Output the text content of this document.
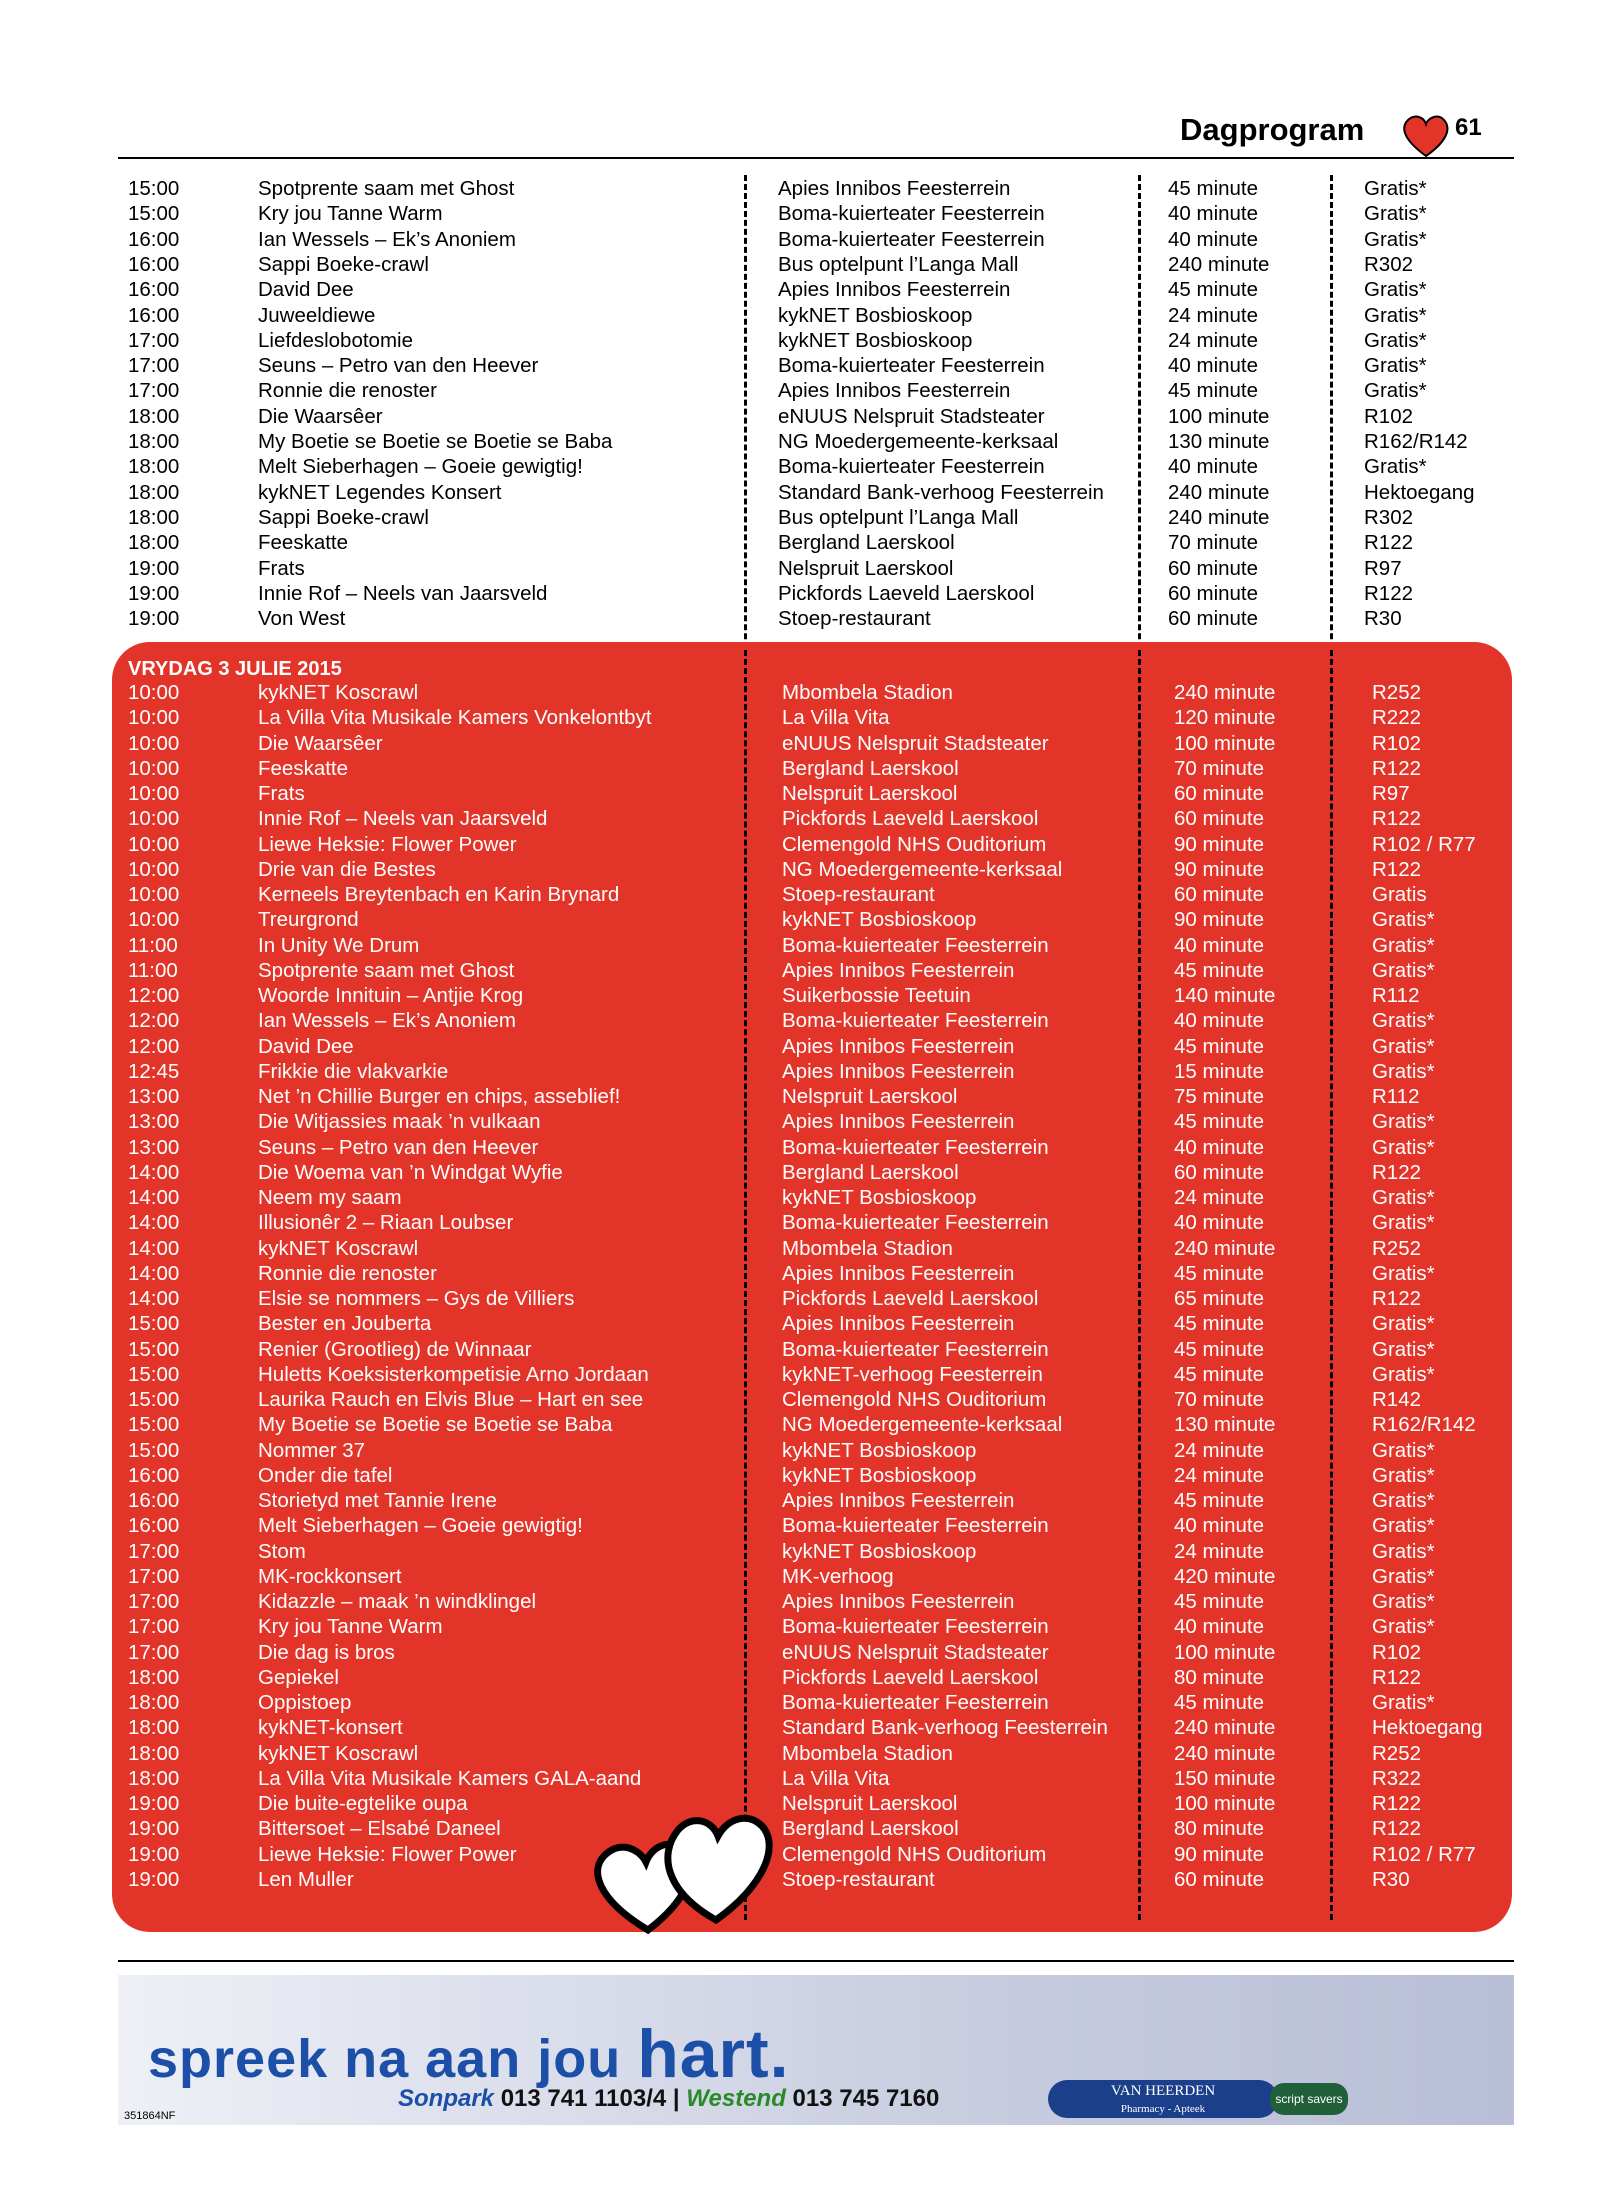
Dagprogram	61
15:00	Spotprente saam met Ghost	Apies Innibos Feesterrein	45 minute	Gratis*
15:00	Kry jou Tanne Warm	Boma-kuierteater Feesterrein	40 minute	Gratis*
16:00	Ian Wessels – Ek’s Anoniem	Boma-kuierteater Feesterrein	40 minute	Gratis*
16:00	Sappi Boeke-crawl	Bus optelpunt l’Langa Mall	240 minute	R302
16:00	David Dee	Apies Innibos Feesterrein	45 minute	Gratis*
16:00	Juweeldiewe	kykNET Bosbioskoop	24 minute	Gratis*
17:00	Liefdeslobotomie	kykNET Bosbioskoop	24 minute	Gratis*
17:00	Seuns – Petro van den Heever	Boma-kuierteater Feesterrein	40 minute	Gratis*
17:00	Ronnie die renoster	Apies Innibos Feesterrein	45 minute	Gratis*
18:00	Die Waarsêer	eNUUS Nelspruit Stadsteater	100 minute	R102
18:00	My Boetie se Boetie se Boetie se Baba	NG Moedergemeente-kerksaal	130 minute	R162/R142
18:00	Melt Sieberhagen – Goeie gewigtig!	Boma-kuierteater Feesterrein	40 minute	Gratis*
18:00	kykNET Legendes Konsert	Standard Bank-verhoog Feesterrein	240 minute	Hektoegang
18:00	Sappi Boeke-crawl	Bus optelpunt l’Langa Mall	240 minute	R302
18:00	Feeskatte	Bergland Laerskool	70 minute	R122
19:00	Frats	Nelspruit Laerskool	60 minute	R97
19:00	Innie Rof – Neels van Jaarsveld	Pickfords Laeveld Laerskool	60 minute	R122
19:00	Von West	Stoep-restaurant	60 minute	R30
VRYDAG 3 JULIE 2015
10:00	kykNET Koscrawl	Mbombela Stadion	240 minute	R252
10:00	La Villa Vita Musikale Kamers Vonkelontbyt	La Villa Vita	120 minute	R222
10:00	Die Waarsêer	eNUUS Nelspruit Stadsteater	100 minute	R102
10:00	Feeskatte	Bergland Laerskool	70 minute	R122
10:00	Frats	Nelspruit Laerskool	60 minute	R97
10:00	Innie Rof – Neels van Jaarsveld	Pickfords Laeveld Laerskool	60 minute	R122
10:00	Liewe Heksie: Flower Power	Clemengold NHS Ouditorium	90 minute	R102 / R77
10:00	Drie van die Bestes	NG Moedergemeente-kerksaal	90 minute	R122
10:00	Kerneels Breytenbach en Karin Brynard	Stoep-restaurant	60 minute	Gratis
10:00	Treurgrond	kykNET Bosbioskoop	90 minute	Gratis*
11:00	In Unity We Drum	Boma-kuierteater Feesterrein	40 minute	Gratis*
11:00	Spotprente saam met Ghost	Apies Innibos Feesterrein	45 minute	Gratis*
12:00	Woorde Innituin – Antjie Krog	Suikerbossie Teetuin	140 minute	R112
12:00	Ian Wessels – Ek’s Anoniem	Boma-kuierteater Feesterrein	40 minute	Gratis*
12:00	David Dee	Apies Innibos Feesterrein	45 minute	Gratis*
12:45	Frikkie die vlakvarkie	Apies Innibos Feesterrein	15 minute	Gratis*
13:00	Net ’n Chillie Burger en chips, asseblief!	Nelspruit Laerskool	75 minute	R112
13:00	Die Witjassies maak ’n vulkaan	Apies Innibos Feesterrein	45 minute	Gratis*
13:00	Seuns – Petro van den Heever	Boma-kuierteater Feesterrein	40 minute	Gratis*
14:00	Die Woema van ’n Windgat Wyfie	Bergland Laerskool	60 minute	R122
14:00	Neem my saam	kykNET Bosbioskoop	24 minute	Gratis*
14:00	Illusionêr 2 – Riaan Loubser	Boma-kuierteater Feesterrein	40 minute	Gratis*
14:00	kykNET Koscrawl	Mbombela Stadion	240 minute	R252
14:00	Ronnie die renoster	Apies Innibos Feesterrein	45 minute	Gratis*
14:00	Elsie se nommers – Gys de Villiers	Pickfords Laeveld Laerskool	65 minute	R122
15:00	Bester en Jouberta	Apies Innibos Feesterrein	45 minute	Gratis*
15:00	Renier (Grootlieg) de Winnaar	Boma-kuierteater Feesterrein	45 minute	Gratis*
15:00	Huletts Koeksisterkompetisie Arno Jordaan	kykNET-verhoog Feesterrein	45 minute	Gratis*
15:00	Laurika Rauch en Elvis Blue – Hart en see	Clemengold NHS Ouditorium	70 minute	R142
15:00	My Boetie se Boetie se Boetie se Baba	NG Moedergemeente-kerksaal	130 minute	R162/R142
15:00	Nommer 37	kykNET Bosbioskoop	24 minute	Gratis*
16:00	Onder die tafel	kykNET Bosbioskoop	24 minute	Gratis*
16:00	Storietyd met Tannie Irene	Apies Innibos Feesterrein	45 minute	Gratis*
16:00	Melt Sieberhagen – Goeie gewigtig!	Boma-kuierteater Feesterrein	40 minute	Gratis*
17:00	Stom	kykNET Bosbioskoop	24 minute	Gratis*
17:00	MK-rockkonsert	MK-verhoog	420 minute	Gratis*
17:00	Kidazzle – maak ’n windklingel	Apies Innibos Feesterrein	45 minute	Gratis*
17:00	Kry jou Tanne Warm	Boma-kuierteater Feesterrein	40 minute	Gratis*
17:00	Die dag is bros	eNUUS Nelspruit Stadsteater	100 minute	R102
18:00	Gepiekel	Pickfords Laeveld Laerskool	80 minute	R122
18:00	Oppistoep	Boma-kuierteater Feesterrein	45 minute	Gratis*
18:00	kykNET-konsert	Standard Bank-verhoog Feesterrein	240 minute	Hektoegang
18:00	kykNET Koscrawl	Mbombela Stadion	240 minute	R252
18:00	La Villa Vita Musikale Kamers GALA-aand	La Villa Vita	150 minute	R322
19:00	Die buite-egtelike oupa	Nelspruit Laerskool	100 minute	R122
19:00	Bittersoet – Elsabé Daneel	Bergland Laerskool	80 minute	R122
19:00	Liewe Heksie: Flower Power	Clemengold NHS Ouditorium	90 minute	R102 / R77
19:00	Len Muller	Stoep-restaurant	60 minute	R30
spreek na aan jou hart.
Sonpark 013 741 1103/4 | Westend 013 745 7160	VAN HEERDEN
Pharmacy - Apteek
script savers
351864NF
